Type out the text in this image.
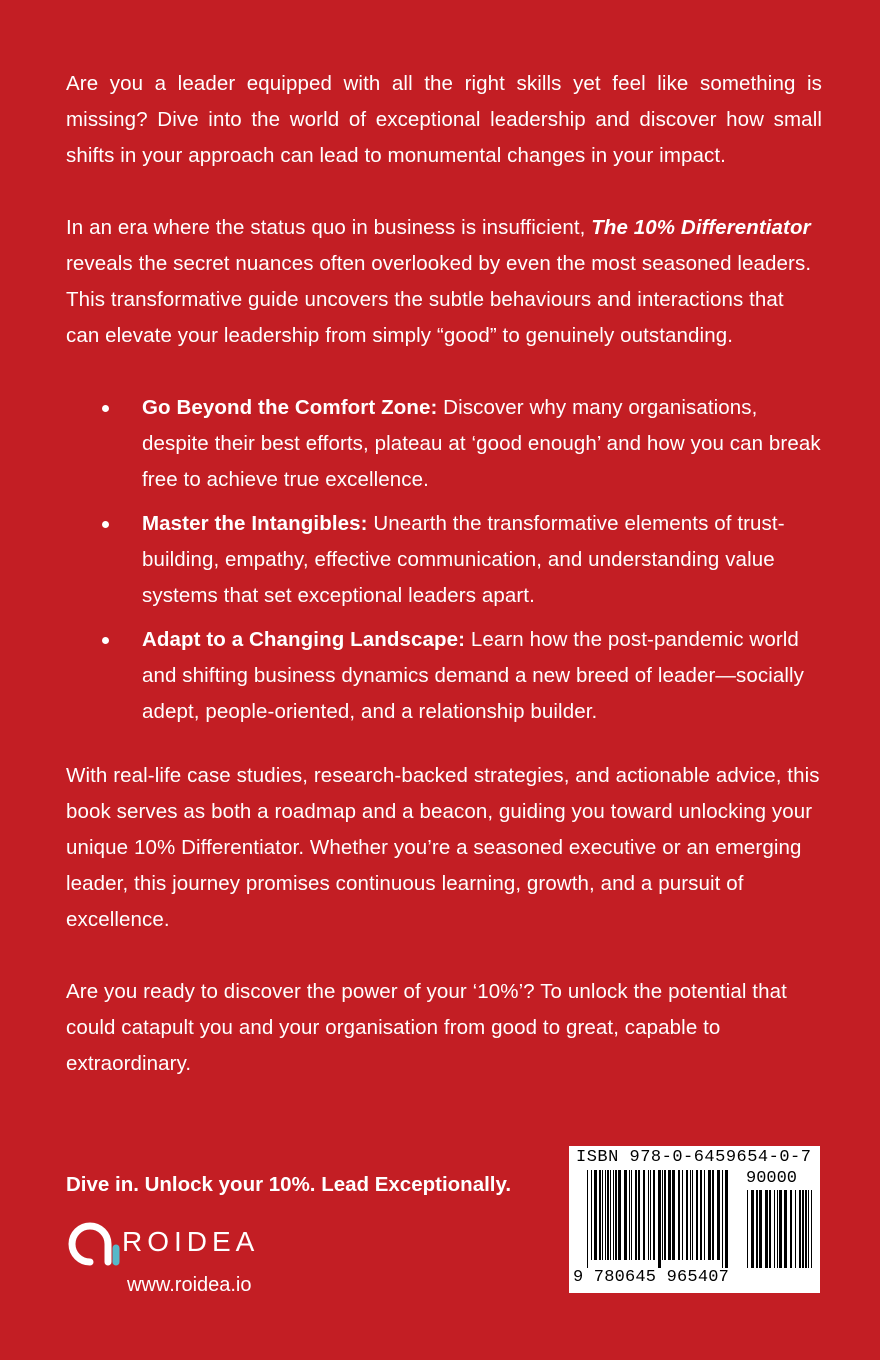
Are you a leader equipped with all the right skills yet feel like something is missing? Dive into the world of exceptional leadership and discover how small shifts in your approach can lead to monumental changes in your impact.

In an era where the status quo in business is insufficient, The 10% Differentiator reveals the secret nuances often overlooked by even the most seasoned leaders. This transformative guide uncovers the subtle behaviours and interactions that can elevate your leadership from simply “good” to genuinely outstanding.

Go Beyond the Comfort Zone: Discover why many organisations, despite their best efforts, plateau at ‘good enough’ and how you can break free to achieve true excellence.
Master the Intangibles: Unearth the transformative elements of trust-building, empathy, effective communication, and understanding value systems that set exceptional leaders apart.
Adapt to a Changing Landscape: Learn how the post-pandemic world and shifting business dynamics demand a new breed of leader—socially adept, people-oriented, and a relationship builder.

With real-life case studies, research-backed strategies, and actionable advice, this book serves as both a roadmap and a beacon, guiding you toward unlocking your unique 10% Differentiator. Whether you’re a seasoned executive or an emerging leader, this journey promises continuous learning, growth, and a pursuit of excellence.

Are you ready to discover the power of your ‘10%’? To unlock the potential that could catapult you and your organisation from good to great, capable to extraordinary.

Dive in. Unlock your 10%. Lead Exceptionally.
ROIDEA
www.roidea.io
ISBN 978-0-6459654-0-7
90000
9 780645 965407
